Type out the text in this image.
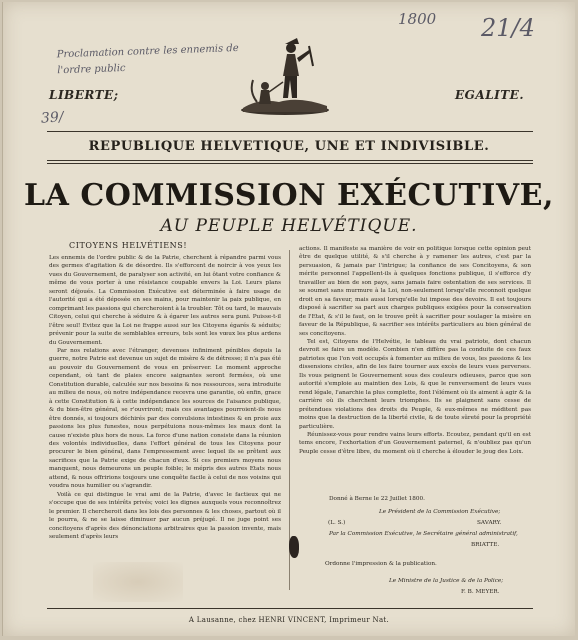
Proclamation contre les ennemis de l'ordre public
1800
39/
21/4
LIBERTE;	EGALITE.
REPUBLIQUE HELVETIQUE, UNE ET INDIVISIBLE.
LA COMMISSION EXÉCUTIVE,
AU PEUPLE HELVÉTIQUE.
CITOYENS HELVÉTIENS!

Les ennemis de l'ordre public & de la Patrie, cherchent à répandre parmi vous des germes d'agitation & de désordre. Ils s'efforcent de noircir à vos yeux les vues du Gouvernement, de paralyser son activité, en lui ôtant votre confiance & même de vous porter à une résistance coupable envers la Loi. Leurs plans seront déjoués. La Commission Exécutive est déterminée à faire usage de l'autorité qui a été déposée en ses mains, pour maintenir la paix publique, en comprimant les passions qui chercheroient à la troubler. Tôt ou tard, le mauvais Citoyen, celui qui cherche à séduire & à égarer les autres sera puni. Puisse-t-il l'être seul! Evitez que la Loi ne frappe aussi sur les Citoyens égarés & séduits; prévenir pour la suite de semblables erreurs, tels sont les vœux les plus ardens du Gouvernement.

Par nos relations avec l'étranger, devenues infiniment pénibles depuis la guerre, notre Patrie est devenue un sujet de misère & de détresse; il n'a pas été au pouvoir du Gouvernement de vous en préserver. Le moment approche cependant, où tant de plaies encore saignantes seront fermées, où une Constitution durable, calculée sur nos besoins & nos ressources, sera introduite au milieu de nous, où notre indépendance recevra une garantie, où enfin, grace à cette Constitution & à cette indépendance les sources de l'aisance publique, & du bien-être général, se r'ouvriront; mais ces avantages pourroient-ils nous être donnés, si toujours déchirés par des convulsions intestines & en proie aux passions les plus funestes, nous perpétuions nous-mêmes les maux dont la cause n'existe plus hors de nous. La force d'une nation consiste dans la réunion des volontés individuelles, dans l'effort général de tous les Citoyens pour procurer le bien général, dans l'empressement avec lequel ils se prêtent aux sacrifices que la Patrie exige de chacun d'eux. Si ces premiers moyens nous manquent, nous demeurons un peuple foible; le mépris des autres Etats nous attend, & nous offririons toujours une conquête facile à celui de nos voisins qui voudra nous humilier ou s'agrandir.

Voilà ce qui distingue le vrai ami de la Patrie, d'avec le factieux qui ne s'occupe que de ses intérêts privés; voici les dignes auxquels vous reconnoîtrez le premier. Il chercheroit dans les lois des personnes & les choses, partout où il le pourra, & ne se laisse diminuer par aucun préjugé. Il ne juge point ses concitoyens d'après des dénonciations arbitraires que la passion invente, mais seulement d'après leurs

actions. Il manifeste sa manière de voir en politique lorsque cette opinion peut être de quelque utilité, & s'il cherche à y ramener les autres, c'est par la persuasion, & jamais par l'intrigue; la confiance de ses Concitoyens, & son mérite personnel l'appellent-ils à quelques fonctions publique, il s'efforce d'y travailler au bien de son pays, sans jamais faire ostentation de ses services. Il se soumet sans murmure à la Loi, non-seulement lorsqu'elle reconnoit quelque droit en sa faveur, mais aussi lorsqu'elle lui impose des devoirs. Il est toujours disposé à sacrifier sa part aux charges publiques exigées pour la conservation de l'Etat, & s'il le faut, on le trouve prêt à sacrifier pour soulager la misère en faveur de la République, & sacrifier ses intérêts particuliers au bien général de ses concitoyens.

Tel est, Citoyens de l'Helvétie, le tableau du vrai patriote, dont chacun devroit se faire un modèle. Combien n'en diffère pas la conduite de ces faux patriotes que l'on voit occupés à fomenter au milieu de vous, les passions & les dissensions civiles, afin de les faire tourner aux excès de leurs vues perverses. Ils vous peignent le Gouvernement sous des couleurs odieuses, parce que son autorité s'emploie au maintien des Lois, & que le renversement de leurs vues rend légale, l'anarchie la plus complette, font l'élément où ils aiment à agir & la carrière où ils cherchent leurs triomphes. Ils se plaignent sans cesse de prétendues violations des droits du Peuple, & eux-mêmes ne méditent pas moins que la destruction de la liberté civile, & de toute sûreté pour la propriété particulière.

Réunissez-vous pour rendre vains leurs efforts. Ecoutez, pendant qu'il en est tems encore, l'exhortation d'un Gouvernement paternel, & n'oubliez pas qu'un Peuple cesse d'être libre, du moment où il cherche à élouder le joug des Loix.

Donné à Berne le 22 Juillet 1800.
Le Président de la Commission Exécutive;
(L. S.)	SAVARY.
Par la Commission Exécutive, le Secrétaire général administratif,
BRIATTE.
Ordonne l'impression & la publication.
Le Ministre de la Justice & de la Police;
F. B. MEYER.
A Lausanne, chez HENRI VINCENT, Imprimeur Nat.
